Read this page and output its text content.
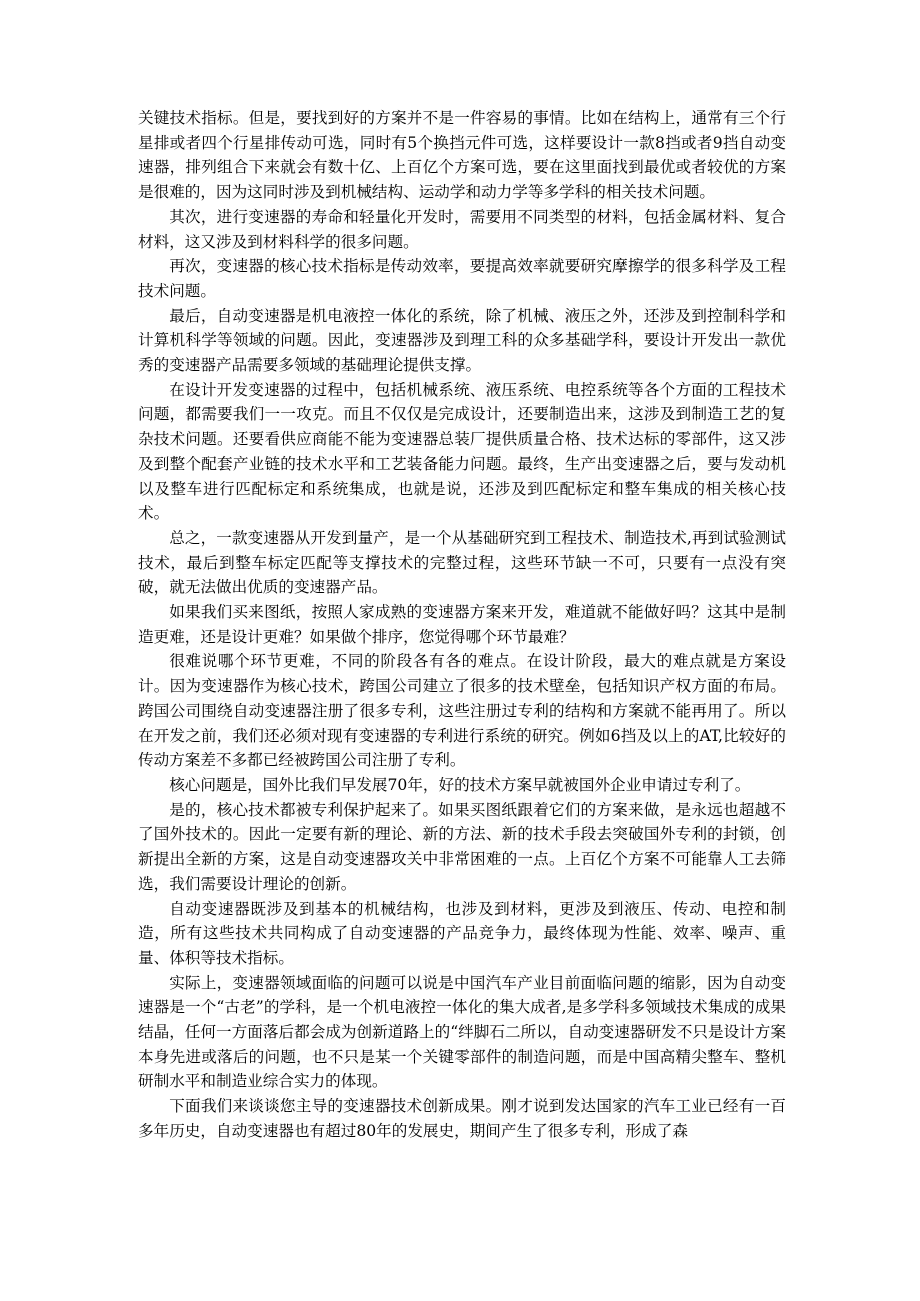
关键技术指标。但是，要找到好的方案并不是一件容易的事情。比如在结构上，通常有三个行星排或者四个行星排传动可选，同时有5个换挡元件可选，这样要设计一款8挡或者9挡自动变速器，排列组合下来就会有数十亿、上百亿个方案可选，要在这里面找到最优或者较优的方案是很难的，因为这同时涉及到机械结构、运动学和动力学等多学科的相关技术问题。

其次，进行变速器的寿命和轻量化开发时，需要用不同类型的材料，包括金属材料、复合材料，这又涉及到材料科学的很多问题。

再次，变速器的核心技术指标是传动效率，要提高效率就要研究摩擦学的很多科学及工程技术问题。

最后，自动变速器是机电液控一体化的系统，除了机械、液压之外，还涉及到控制科学和计算机科学等领域的问题。因此，变速器涉及到理工科的众多基础学科，要设计开发出一款优秀的变速器产品需要多领域的基础理论提供支撑。

在设计开发变速器的过程中，包括机械系统、液压系统、电控系统等各个方面的工程技术问题，都需要我们一一攻克。而且不仅仅是完成设计，还要制造出来，这涉及到制造工艺的复杂技术问题。还要看供应商能不能为变速器总装厂提供质量合格、技术达标的零部件，这又涉及到整个配套产业链的技术水平和工艺装备能力问题。最终，生产出变速器之后，要与发动机以及整车进行匹配标定和系统集成，也就是说，还涉及到匹配标定和整车集成的相关核心技术。

总之，一款变速器从开发到量产，是一个从基础研究到工程技术、制造技术,再到试验测试技术，最后到整车标定匹配等支撑技术的完整过程，这些环节缺一不可，只要有一点没有突破，就无法做出优质的变速器产品。

如果我们买来图纸，按照人家成熟的变速器方案来开发，难道就不能做好吗？这其中是制造更难，还是设计更难？如果做个排序，您觉得哪个环节最难？

很难说哪个环节更难，不同的阶段各有各的难点。在设计阶段，最大的难点就是方案设计。因为变速器作为核心技术，跨国公司建立了很多的技术壁垒，包括知识产权方面的布局。跨国公司围绕自动变速器注册了很多专利，这些注册过专利的结构和方案就不能再用了。所以在开发之前，我们还必须对现有变速器的专利进行系统的研究。例如6挡及以上的AT,比较好的传动方案差不多都已经被跨国公司注册了专利。

核心问题是，国外比我们早发展70年，好的技术方案早就被国外企业申请过专利了。

是的，核心技术都被专利保护起来了。如果买图纸跟着它们的方案来做，是永远也超越不了国外技术的。因此一定要有新的理论、新的方法、新的技术手段去突破国外专利的封锁，创新提出全新的方案，这是自动变速器攻关中非常困难的一点。上百亿个方案不可能靠人工去筛选，我们需要设计理论的创新。

自动变速器既涉及到基本的机械结构，也涉及到材料，更涉及到液压、传动、电控和制造，所有这些技术共同构成了自动变速器的产品竞争力，最终体现为性能、效率、噪声、重量、体积等技术指标。

实际上，变速器领域面临的问题可以说是中国汽车产业目前面临问题的缩影，因为自动变速器是一个“古老”的学科，是一个机电液控一体化的集大成者,是多学科多领域技术集成的成果结晶，任何一方面落后都会成为创新道路上的“绊脚石二所以，自动变速器研发不只是设计方案本身先进或落后的问题，也不只是某一个关键零部件的制造问题，而是中国高精尖整车、整机研制水平和制造业综合实力的体现。

下面我们来谈谈您主导的变速器技术创新成果。刚才说到发达国家的汽车工业已经有一百多年历史，自动变速器也有超过80年的发展史，期间产生了很多专利，形成了森
